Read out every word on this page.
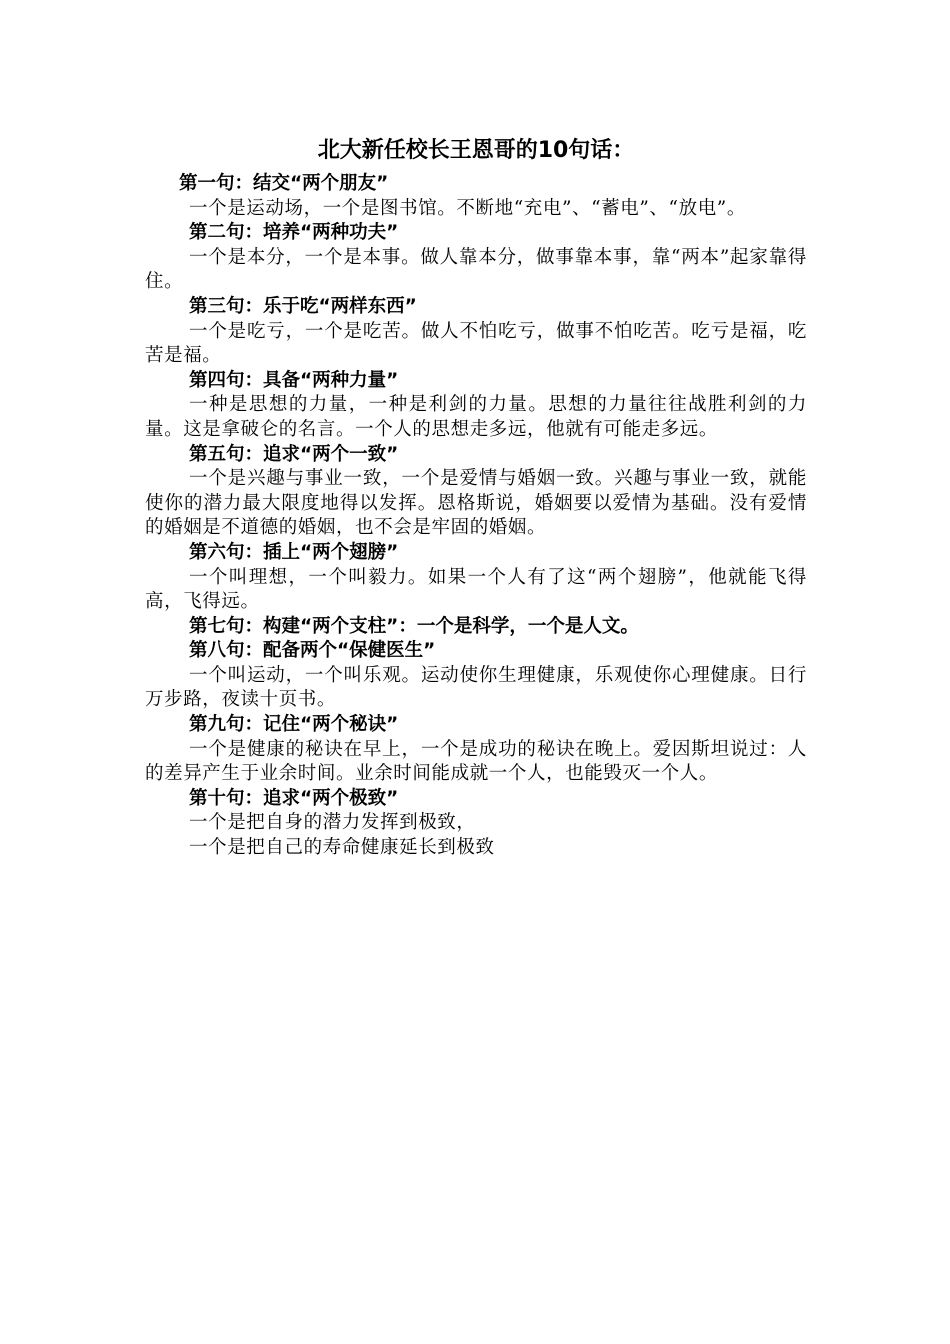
北大新任校长王恩哥的10句话：
第一句：结交“两个朋友”
一个是运动场，一个是图书馆。不断地“充电”、“蓄电”、“放电”。
第二句：培养“两种功夫”
一个是本分，一个是本事。做人靠本分，做事靠本事，靠“两本”起家靠得住。
第三句：乐于吃“两样东西”
一个是吃亏，一个是吃苦。做人不怕吃亏，做事不怕吃苦。吃亏是福，吃苦是福。
第四句：具备“两种力量”
一种是思想的力量，一种是利剑的力量。思想的力量往往战胜利剑的力量。这是拿破仑的名言。一个人的思想走多远，他就有可能走多远。
第五句：追求“两个一致”
一个是兴趣与事业一致，一个是爱情与婚姻一致。兴趣与事业一致，就能使你的潜力最大限度地得以发挥。恩格斯说，婚姻要以爱情为基础。没有爱情的婚姻是不道德的婚姻，也不会是牢固的婚姻。
第六句：插上“两个翅膀”
一个叫理想，一个叫毅力。如果一个人有了这“两个翅膀”，他就能飞得高，飞得远。
第七句：构建“两个支柱”：一个是科学，一个是人文。
第八句：配备两个“保健医生”
一个叫运动，一个叫乐观。运动使你生理健康，乐观使你心理健康。日行万步路，夜读十页书。
第九句：记住“两个秘诀”
一个是健康的秘诀在早上，一个是成功的秘诀在晚上。爱因斯坦说过：人的差异产生于业余时间。业余时间能成就一个人，也能毁灭一个人。
第十句：追求“两个极致”
一个是把自身的潜力发挥到极致，
一个是把自己的寿命健康延长到极致
